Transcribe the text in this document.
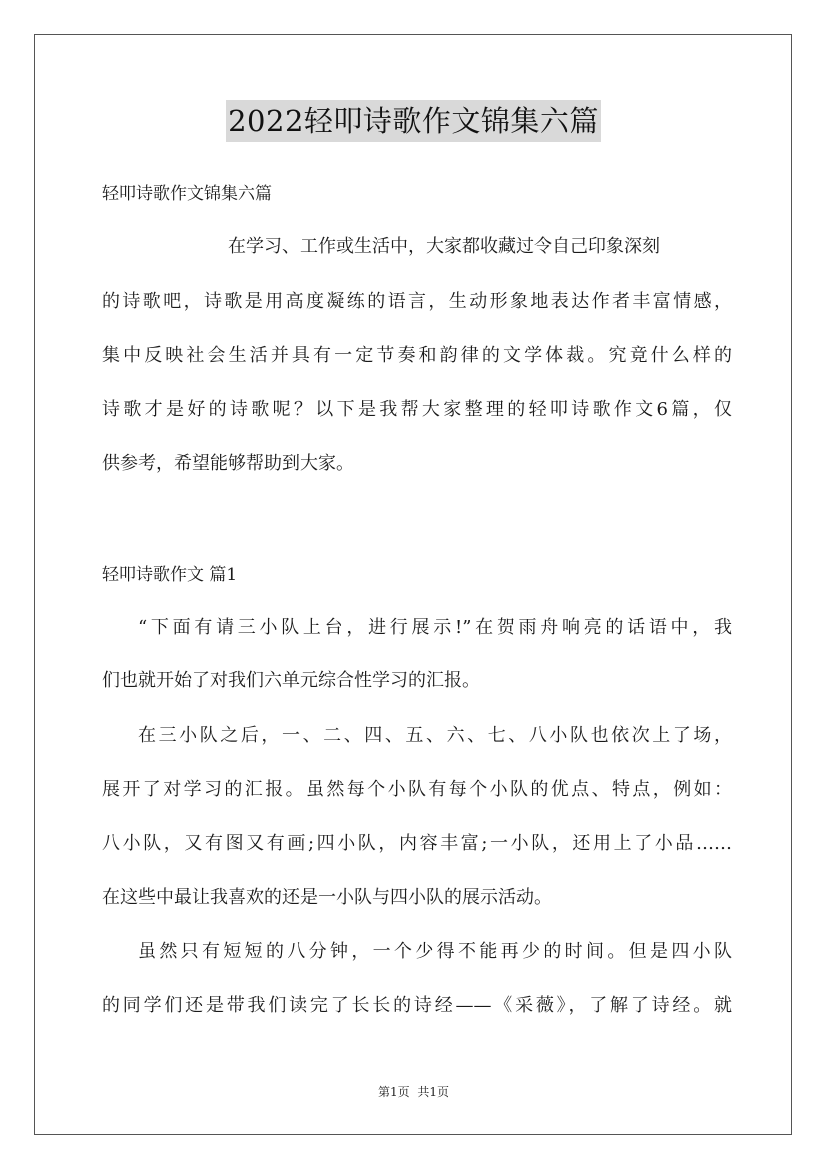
2022轻叩诗歌作文锦集六篇
轻叩诗歌作文锦集六篇
在学习、工作或生活中，大家都收藏过令自己印象深刻
的诗歌吧，诗歌是用高度凝练的语言，生动形象地表达作者丰富情感，
集中反映社会生活并具有一定节奏和韵律的文学体裁。究竟什么样的
诗歌才是好的诗歌呢？以下是我帮大家整理的轻叩诗歌作文6篇，仅
供参考，希望能够帮助到大家。
轻叩诗歌作文 篇1
“下面有请三小队上台，进行展示!”在贺雨舟响亮的话语中，我
们也就开始了对我们六单元综合性学习的汇报。
在三小队之后，一、二、四、五、六、七、八小队也依次上了场，
展开了对学习的汇报。虽然每个小队有每个小队的优点、特点，例如：
八小队，又有图又有画;四小队，内容丰富;一小队，还用上了小品……
在这些中最让我喜欢的还是一小队与四小队的展示活动。
虽然只有短短的八分钟，一个少得不能再少的时间。但是四小队
的同学们还是带我们读完了长长的诗经——《采薇》，了解了诗经。就
第1页 共1页
